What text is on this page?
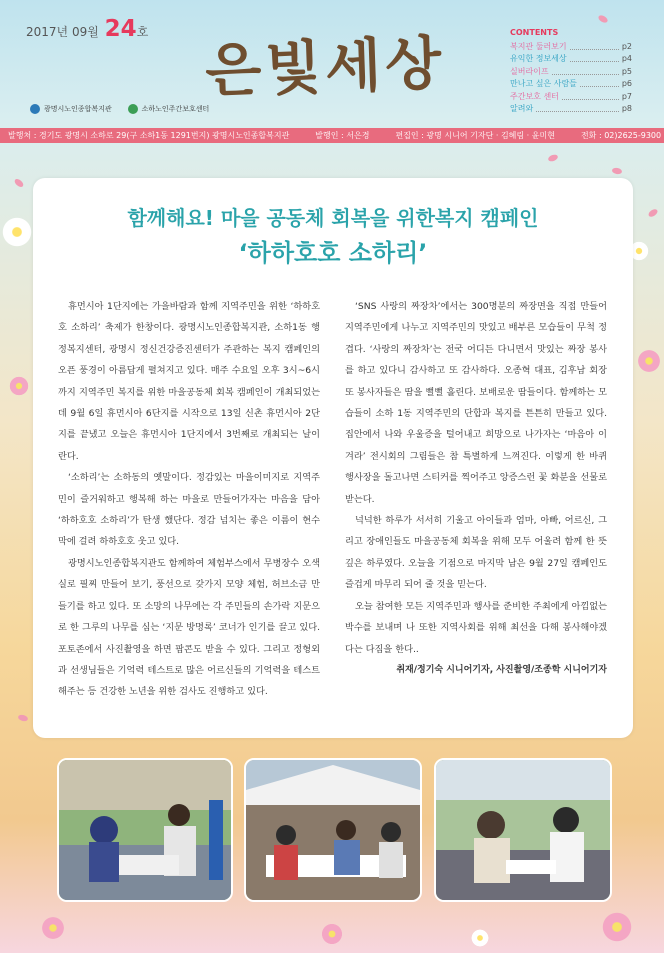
2017년 09월 24호 은빛세상
광명시노인종합복지관	소하노인주간보호센터
CONTENTS
복지관 둘러보기	p2
유익한 정보세상	p4
실버라이프	p5
만나고 싶은 사람들	p6
주간보호 센터	p7
알려와	p8
발행처 : 경기도 광명시 소하로 29(구 소하1동 1291번지) 광명시노인종합복지관	발행인 : 서은경	편집인 : 광명 시니어 기자단 · 김혜림 · 윤미현	전화 : 02)2625-9300
함께해요! 마을 공동체 회복을 위한복지 캠페인
‘하하호호 소하리’

휴먼시아 1단지에는 가을바람과 함께 지역주민을 위한 ‘하하호호 소하리’ 축제가 한창이다. 광명시노인종합복지관, 소하1동 행정복지센터, 광명시 정신건강증진센터가 주관하는 복지 캠페인의 오픈 풍경이 아름답게 펼쳐지고 있다. 매주 수요일 오후 3시~6시까지 지역주민 복지를 위한 마을공동체 회복 캠페인이 개최되었는데 9월 6일 휴먼시아 6단지를 시작으로 13일 신촌 휴먼시아 2단지를 끝냈고 오늘은 휴먼시아 1단지에서 3번째로 개최되는 날이란다.

‘소하리’는 소하동의 옛말이다. 정감있는 마을이미지로 지역주민이 즐거워하고 행복해 하는 마을로 만들어가자는 마음을 담아 ‘하하호호 소하리’가 탄생 했단다. 정감 넘치는 좋은 이름이 현수막에 걸려 하하호호 웃고 있다.

광명시노인종합복지관도 함께하여 체험부스에서 무병장수 오색실로 필찌 만들어 보기, 풍선으로 갖가지 모양 체험, 허브소금 만들기를 하고 있다. 또 소망의 나무에는 각 주민들의 손가락 지문으로 한 그루의 나무를 심는 ‘지문 방명록’ 코너가 인기를 끌고 있다. 포토존에서 사진촬영을 하면 팝콘도 받을 수 있다. 그리고 정형외과 선생님들은 기억력 테스트로 많은 어르신들의 기억력을 테스트해주는 등 건강한 노년을 위한 검사도 진행하고 있다.

‘SNS 사랑의 짜장차’에서는 300명분의 짜장면을 직접 만들어 지역주민에게 나누고 지역주민의 맛있고 배부른 모습들이 무척 정겹다. ‘사랑의 짜장차’는 전국 어디든 다니면서 맛있는 짜장 봉사를 하고 있다니 감사하고 또 감사하다. 오종혁 대표, 김후남 회장 또 봉사자들은 땀을 뻘뻘 흘린다. 보배로운 땀들이다. 함께하는 모습들이 소하 1동 지역주민의 단합과 복지를 튼튼히 만들고 있다. 집안에서 나와 우울증을 털어내고 희망으로 나가자는 ‘마음아 이겨라’ 전시회의 그림들은 참 특별하게 느껴진다. 이렇게 한 바퀴 행사장을 돌고나면 스티커를 찍어주고 앙증스런 꽃 화분을 선물로 받는다.

넉넉한 하루가 서서히 기울고 아이들과 엄마, 아빠, 어르신, 그리고 장애인들도 마을공동체 회복을 위해 모두 어울려 함께 한 뜻깊은 하루였다. 오늘을 기점으로 마지막 남은 9월 27일 캠페인도 즐겁게 마무리 되어 줄 것을 믿는다.

오늘 참여한 모든 지역주민과 행사를 준비한 주최에게 아낌없는 박수를 보내며 나 또한 지역사회를 위해 최선을 다해 봉사해야겠다는 다짐을 한다..

취재/정기숙 시니어기자, 사진촬영/조종학 시니어기자
